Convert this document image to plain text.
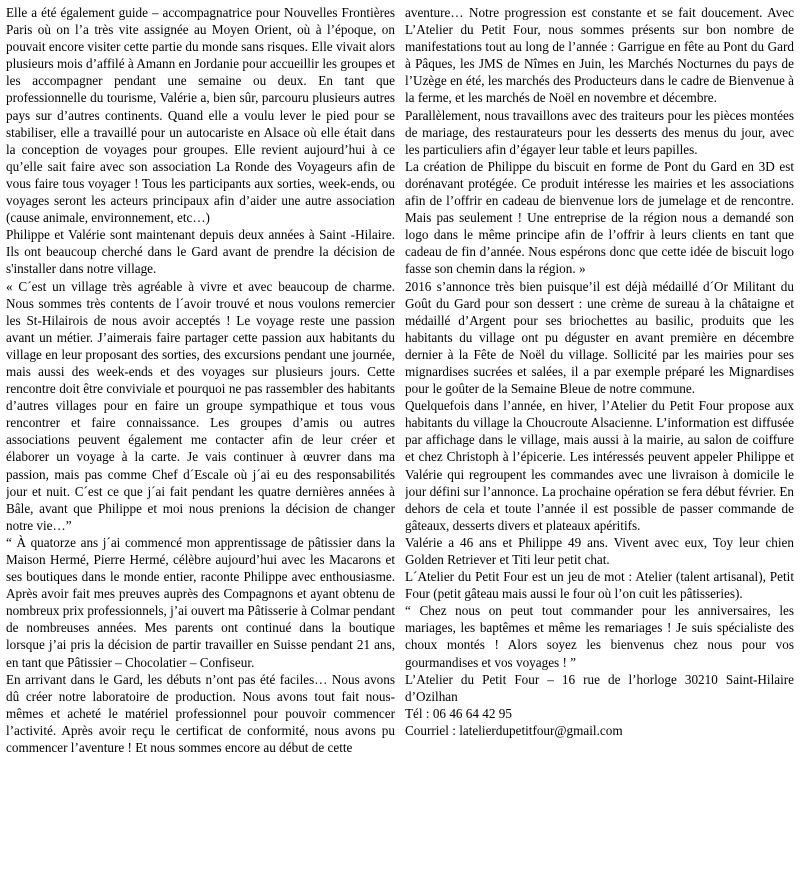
Elle a été également guide – accompagnatrice pour Nouvelles Frontières Paris où on l’a très vite assignée au Moyen Orient, où à l’époque, on pouvait encore visiter cette partie du monde sans risques. Elle vivait alors plusieurs mois d’affilé à Amann en Jordanie pour accueillir les groupes et les accompagner pendant une semaine ou deux. En tant que professionnelle du tourisme, Valérie a, bien sûr, parcouru plusieurs autres pays sur d’autres continents. Quand elle a voulu lever le pied pour se stabiliser, elle a travaillé pour un autocariste en Alsace où elle était dans la conception de voyages pour groupes. Elle revient aujourd’hui à ce qu’elle sait faire avec son association La Ronde des Voyageurs afin de vous faire tous voyager ! Tous les participants aux sorties, week-ends, ou voyages seront les acteurs principaux afin d’aider une autre association (cause animale, environnement, etc…)

Philippe et Valérie sont maintenant depuis deux années à Saint -Hilaire. Ils ont beaucoup cherché dans le Gard avant de prendre la décision de s'installer dans notre village.

« C´est un village très agréable à vivre et avec beaucoup de charme. Nous sommes très contents de l´avoir trouvé et nous voulons remercier les St-Hilairois de nous avoir acceptés ! Le voyage reste une passion avant un métier. J’aimerais faire partager cette passion aux habitants du village en leur proposant des sorties, des excursions pendant une journée, mais aussi des week-ends et des voyages sur plusieurs jours. Cette rencontre doit être conviviale et pourquoi ne pas rassembler des habitants d’autres villages pour en faire un groupe sympathique et tous vous rencontrer et faire connaissance. Les groupes d’amis ou autres associations peuvent également me contacter afin de leur créer et élaborer un voyage à la carte. Je vais continuer à œuvrer dans ma passion, mais pas comme Chef d´Escale où j´ai eu des responsabilités jour et nuit. C´est ce que j´ai fait pendant les quatre dernières années à Bâle, avant que Philippe et moi nous prenions la décision de changer notre vie…”

“ À quatorze ans j´ai commencé mon apprentissage de pâtissier dans la Maison Hermé, Pierre Hermé, célèbre aujourd’hui avec les Macarons et ses boutiques dans le monde entier, raconte Philippe avec enthousiasme. Après avoir fait mes preuves auprès des Compagnons et ayant obtenu de nombreux prix professionnels, j’ai ouvert ma Pâtisserie à Colmar pendant de nombreuses années. Mes parents ont continué dans la boutique lorsque j’ai pris la décision de partir travailler en Suisse pendant 21 ans, en tant que Pâtissier – Chocolatier – Confiseur.

En arrivant dans le Gard, les débuts n’ont pas été faciles… Nous avons dû créer notre laboratoire de production. Nous avons tout fait nous-mêmes et acheté le matériel professionnel pour pouvoir commencer l’activité. Après avoir reçu le certificat de conformité, nous avons pu commencer l’aventure ! Et nous sommes encore au début de cette

aventure… Notre progression est constante et se fait doucement. Avec L’Atelier du Petit Four, nous sommes présents sur bon nombre de manifestations tout au long de l’année : Garrigue en fête au Pont du Gard à Pâques, les JMS de Nîmes en Juin, les Marchés Nocturnes du pays de l’Uzège en été, les marchés des Producteurs dans le cadre de Bienvenue à la ferme, et les marchés de Noël en novembre et décembre.

Parallèlement, nous travaillons avec des traiteurs pour les pièces montées de mariage, des restaurateurs pour les desserts des menus du jour, avec les particuliers afin d’égayer leur table et leurs papilles.

La création de Philippe du biscuit en forme de Pont du Gard en 3D est dorénavant protégée. Ce produit intéresse les mairies et les associations afin de l’offrir en cadeau de bienvenue lors de jumelage et de rencontre. Mais pas seulement ! Une entreprise de la région nous a demandé son logo dans le même principe afin de l’offrir à leurs clients en tant que cadeau de fin d’année. Nous espérons donc que cette idée de biscuit logo fasse son chemin dans la région. »

2016 s’annonce très bien puisque’il est déjà médaillé d´Or Militant du Goût du Gard pour son dessert : une crème de sureau à la châtaigne et médaillé d’Argent pour ses briochettes au basilic, produits que les habitants du village ont pu déguster en avant première en décembre dernier à la Fête de Noël du village. Sollicité par les mairies pour ses mignardises sucrées et salées, il a par exemple préparé les Mignardises pour le goûter de la Semaine Bleue de notre commune.

Quelquefois dans l’année, en hiver, l’Atelier du Petit Four propose aux habitants du village la Choucroute Alsacienne. L’information est diffusée par affichage dans le village, mais aussi à la mairie, au salon de coiffure et chez Christoph à l’épicerie. Les intéressés peuvent appeler Philippe et Valérie qui regroupent les commandes avec une livraison à domicile le jour défini sur l’annonce. La prochaine opération se fera début février. En dehors de cela et toute l’année il est possible de passer commande de gâteaux, desserts divers et plateaux apéritifs.

Valérie a 46 ans et Philippe 49 ans. Vivent avec eux, Toy leur chien Golden Retriever et Titi leur petit chat.

L´Atelier du Petit Four est un jeu de mot : Atelier (talent artisanal), Petit Four (petit gâteau mais aussi le four où l’on cuit les pâtisseries).

“ Chez nous on peut tout commander pour les anniversaires, les mariages, les baptêmes et même les remariages ! Je suis spécialiste des choux montés ! Alors soyez les bienvenus chez nous pour vos gourmandises et vos voyages ! ”

L’Atelier du Petit Four – 16 rue de l’horloge 30210 Saint-Hilaire d’Ozilhan

Tél : 06 46 64 42 95

Courriel : latelierdupetitfour@gmail.com
